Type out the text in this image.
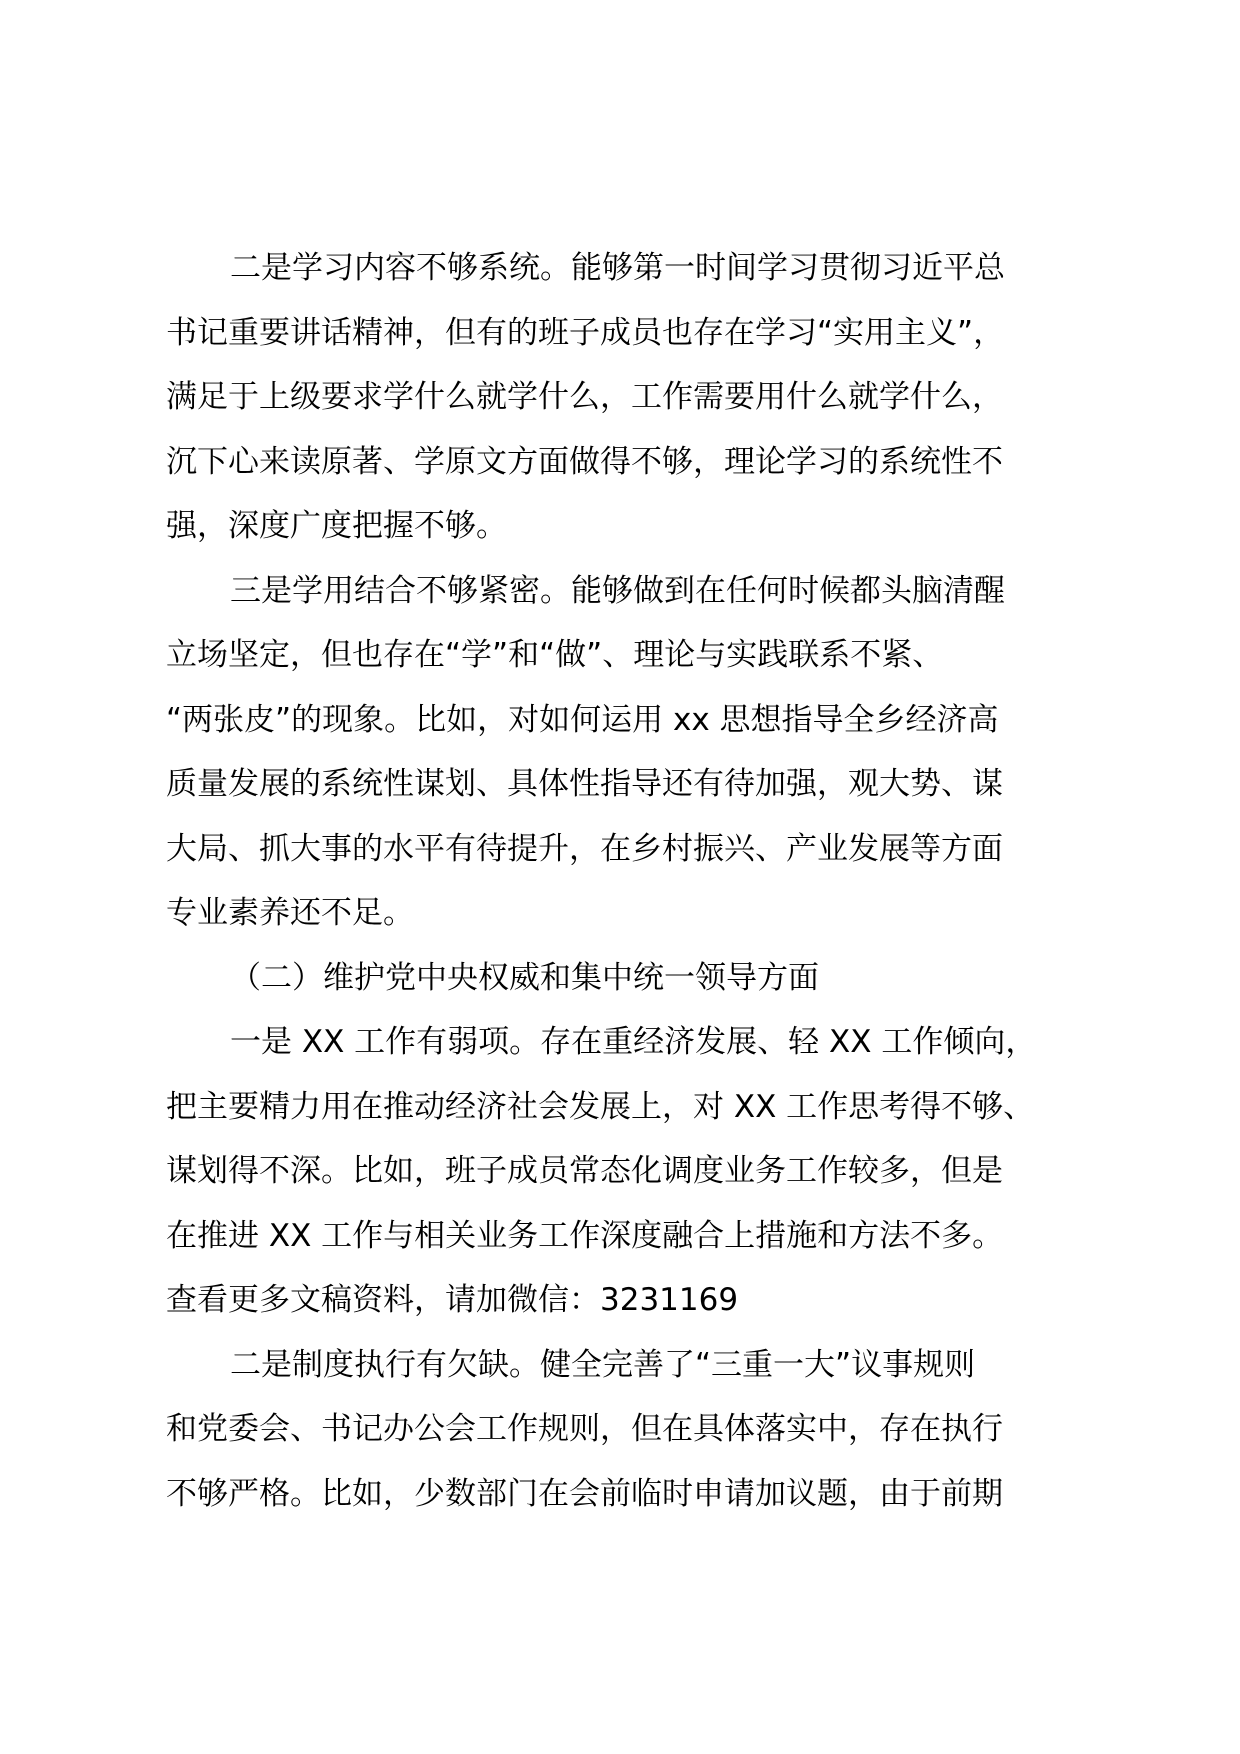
二是学习内容不够系统。能够第一时间学习贯彻习近平总
书记重要讲话精神，但有的班子成员也存在学习“实用主义”，
满足于上级要求学什么就学什么，工作需要用什么就学什么，
沉下心来读原著、学原文方面做得不够，理论学习的系统性不
强，深度广度把握不够。
三是学用结合不够紧密。能够做到在任何时候都头脑清醒
立场坚定，但也存在“学”和“做”、理论与实践联系不紧、
“两张皮”的现象。比如，对如何运用 xx 思想指导全乡经济高
质量发展的系统性谋划、具体性指导还有待加强，观大势、谋
大局、抓大事的水平有待提升，在乡村振兴、产业发展等方面
专业素养还不足。
（二）维护党中央权威和集中统一领导方面
一是 XX 工作有弱项。存在重经济发展、轻 XX 工作倾向，
把主要精力用在推动经济社会发展上，对 XX 工作思考得不够、
谋划得不深。比如，班子成员常态化调度业务工作较多，但是
在推进 XX 工作与相关业务工作深度融合上措施和方法不多。
查看更多文稿资料，请加微信：3231169
二是制度执行有欠缺。健全完善了“三重一大”议事规则
和党委会、书记办公会工作规则，但在具体落实中，存在执行
不够严格。比如，少数部门在会前临时申请加议题，由于前期
